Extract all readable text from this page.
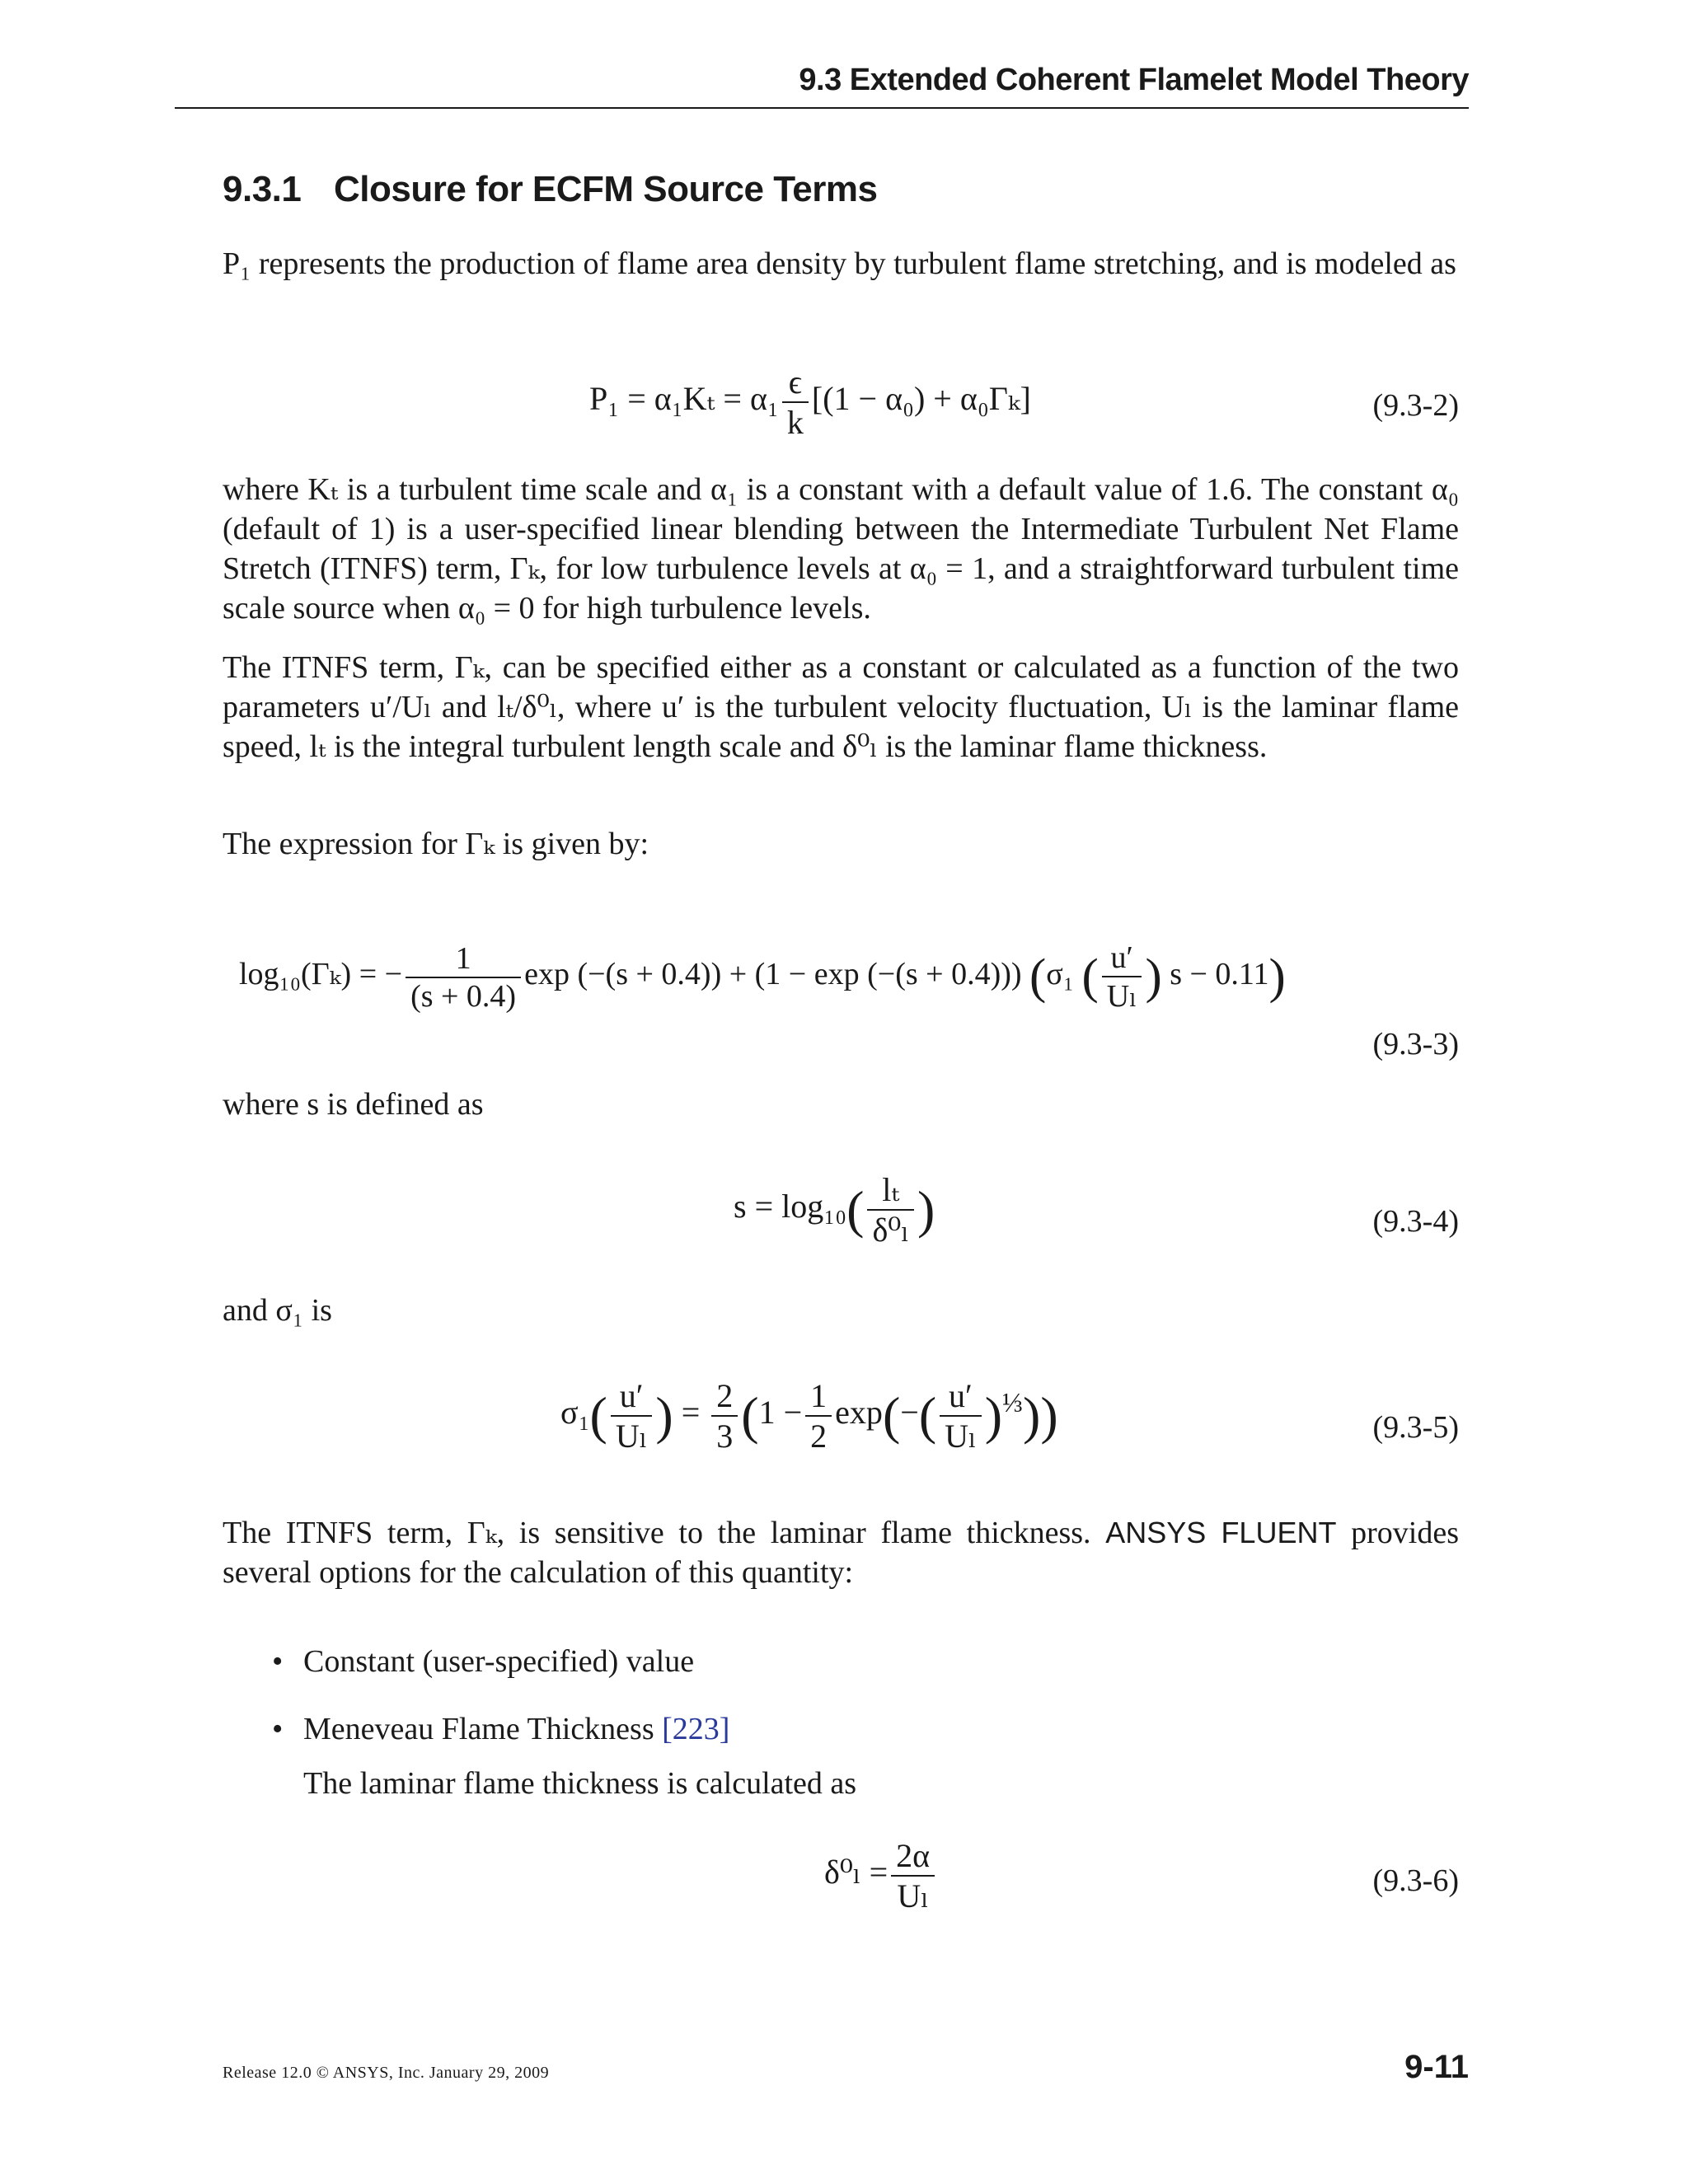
9.3 Extended Coherent Flamelet Model Theory
9.3.1 Closure for ECFM Source Terms

P₁ represents the production of flame area density by turbulent flame stretching, and is modeled as

$P_1 = \alpha_1K_t = \alpha_1 \frac{\epsilon}{k} [(1 - \alpha_0) + \alpha_0\Gamma_k]$	(9.3-2)

where Kₜ is a turbulent time scale and α₁ is a constant with a default value of 1.6. The constant α₀ (default of 1) is a user-specified linear blending between the Intermediate Turbulent Net Flame Stretch (ITNFS) term, Γₖ, for low turbulence levels at α₀ = 1, and a straightforward turbulent time scale source when α₀ = 0 for high turbulence levels.

The ITNFS term, Γₖ, can be specified either as a constant or calculated as a function of the two parameters u′/Uₗ and lₜ/δ⁰ₗ, where u′ is the turbulent velocity fluctuation, Uₗ is the laminar flame speed, lₜ is the integral turbulent length scale and δ⁰ₗ is the laminar flame thickness.

The expression for Γₖ is given by:

log₁₀(Γₖ) = − $\frac{1}{(s + 0.4)}$ exp (−(s + 0.4)) + (1 − exp (−(s + 0.4))) (σ₁ ( $\frac{u'}{\text{Uₗ}}$ ) s − 0.11)
(9.3-3)

where s is defined as

$s = \log_{10}( \frac{\text{lₜ}}{\text{δ⁰ₗ}}$ )	(9.3-4)

and σ₁ is

$\sigma_1( \frac{u'}{\text{Uₗ}}$ ) = $\frac{2}{3} (1 - \frac{1}{2} \exp(-( \frac{u'}{\text{Uₗ}} )^{\frac{1}{3}}))$	(9.3-5)

The ITNFS term, Γₖ, is sensitive to the laminar flame thickness. ANSYS FLUENT provides several options for the calculation of this quantity:

• Constant (user-specified) value
• Meneveau Flame Thickness [223]

The laminar flame thickness is calculated as

$\delta^0_l = \frac{2\alpha}{\text{Uₗ}}$	(9.3-6)
Release 12.0 © ANSYS, Inc. January 29, 2009	9-11
